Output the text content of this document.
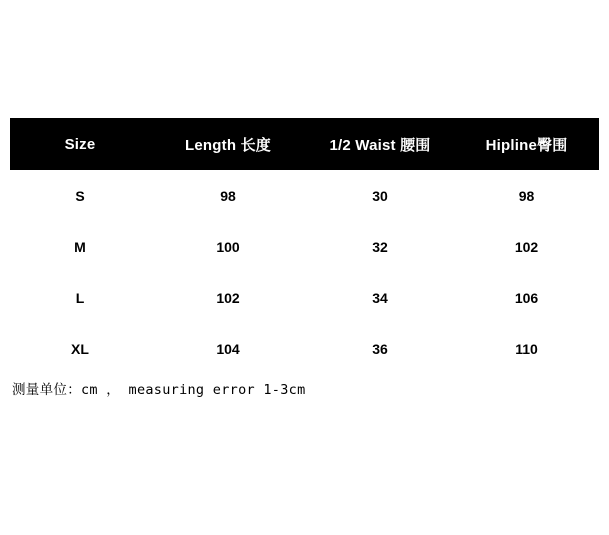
Size	Length 长度	1/2 Waist 腰围	Hipline臀围
S	98	30	98
M	100	32	102
L	102	34	106
XL	104	36	110
测量单位：cm ， measuring error 1-3cm
